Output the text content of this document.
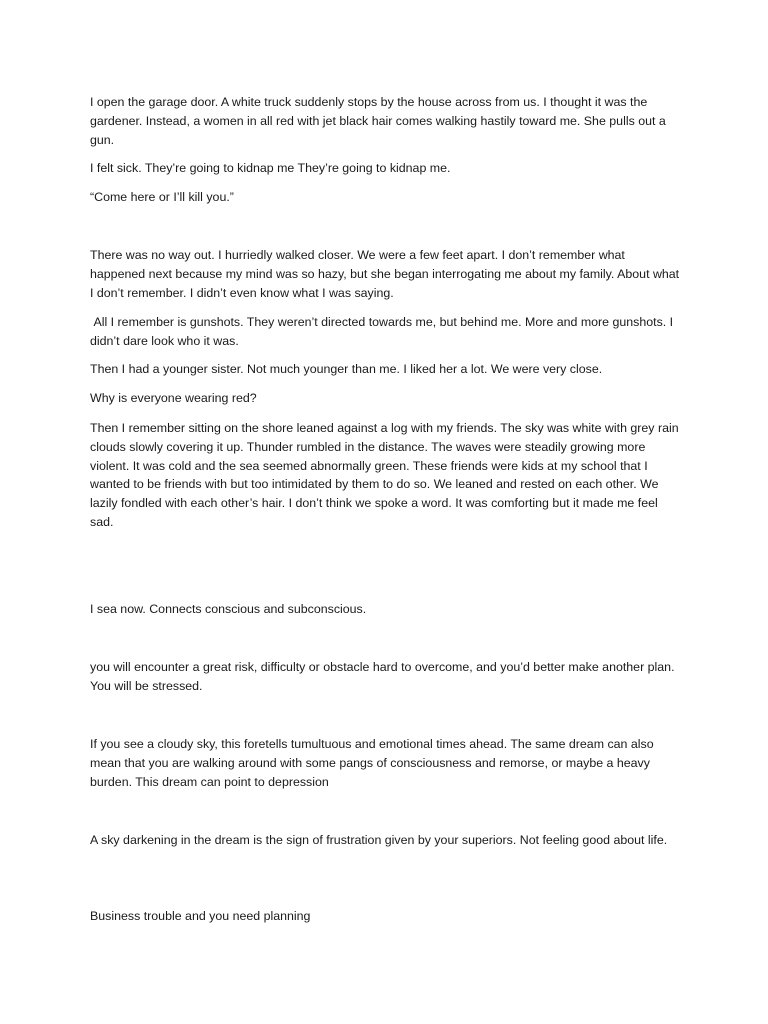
I open the garage door. A white truck suddenly stops by the house across from us. I thought it was the gardener. Instead, a women in all red with jet black hair comes walking hastily toward me. She pulls out a gun.

I felt sick. They’re going to kidnap me They’re going to kidnap me.

“Come here or I’ll kill you.”

There was no way out. I hurriedly walked closer. We were a few feet apart. I don’t remember what happened next because my mind was so hazy, but she began interrogating me about my family. About what I don’t remember. I didn’t even know what I was saying.

All I remember is gunshots. They weren’t directed towards me, but behind me. More and more gunshots. I didn’t dare look who it was.

Then I had a younger sister. Not much younger than me. I liked her a lot. We were very close.

Why is everyone wearing red?

Then I remember sitting on the shore leaned against a log with my friends. The sky was white with grey rain clouds slowly covering it up. Thunder rumbled in the distance. The waves were steadily growing more violent. It was cold and the sea seemed abnormally green. These friends were kids at my school that I wanted to be friends with but too intimidated by them to do so. We leaned and rested on each other. We lazily fondled with each other’s hair. I don’t think we spoke a word. It was comforting but it made me feel sad.

I sea now. Connects conscious and subconscious.

you will encounter a great risk, difficulty or obstacle hard to overcome, and you’d better make another plan. You will be stressed.

If you see a cloudy sky, this foretells tumultuous and emotional times ahead. The same dream can also mean that you are walking around with some pangs of consciousness and remorse, or maybe a heavy burden. This dream can point to depression

A sky darkening in the dream is the sign of frustration given by your superiors. Not feeling good about life.

Business trouble and you need planning
